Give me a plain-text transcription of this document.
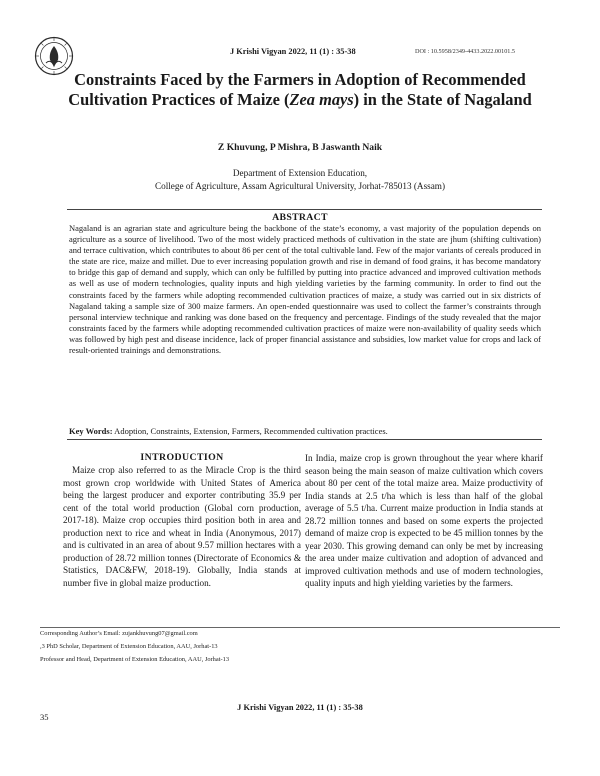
J Krishi Vigyan 2022, 11 (1) : 35-38	DOI : 10.5958/2349-4433.2022.00101.5
Constraints Faced by the Farmers in Adoption of Recommended Cultivation Practices of Maize (Zea mays) in the State of Nagaland
Z Khuvung, P Mishra, B Jaswanth Naik
Department of Extension Education,
College of Agriculture, Assam Agricultural University, Jorhat-785013 (Assam)
ABSTRACT
Nagaland is an agrarian state and agriculture being the backbone of the state’s economy, a vast majority of the population depends on agriculture as a source of livelihood. Two of the most widely practiced methods of cultivation in the state are jhum (shifting cultivation) and terrace cultivation, which contributes to about 86 per cent of the total cultivable land. Few of the major variants of cereals produced in the state are rice, maize and millet. Due to ever increasing population growth and rise in demand of food grains, it has become mandatory to bridge this gap of demand and supply, which can only be fulfilled by putting into practice advanced and improved cultivation methods as well as use of modern technologies, quality inputs and high yielding varieties by the farming community. In order to find out the constraints faced by the farmers while adopting recommended cultivation practices of maize, a study was carried out in six districts of Nagaland taking a sample size of 300 maize farmers. An open-ended questionnaire was used to collect the farmer’s constraints through personal interview technique and ranking was done based on the frequency and percentage. Findings of the study revealed that the major constraints faced by the farmers while adopting recommended cultivation practices of maize were non-availability of quality seeds which was followed by high pest and disease incidence, lack of proper financial assistance and subsidies, low market value for crops and lack of result-oriented trainings and demonstrations.
Key Words: Adoption, Constraints, Extension, Farmers, Recommended cultivation practices.
INTRODUCTION
Maize crop also referred to as the Miracle Crop is the third most grown crop worldwide with United States of America being the largest producer and exporter contributing 35.9 per cent of the total world production (Global corn production, 2017-18). Maize crop occupies third position both in area and production next to rice and wheat in India (Anonymous, 2017) and is cultivated in an area of about 9.57 million hectares with a production of 28.72 million tonnes (Directorate of Economics & Statistics, DAC&FW, 2018-19). Globally, India stands at number five in global maize production.
In India, maize crop is grown throughout the year where kharif season being the main season of maize cultivation which covers about 80 per cent of the total maize area. Maize productivity of India stands at 2.5 t/ha which is less than half of the global average of 5.5 t/ha. Current maize production in India stands at 28.72 million tonnes and based on some experts the projected demand of maize crop is expected to be 45 million tonnes by the year 2030. This growing demand can only be met by increasing the area under maize cultivation and adoption of advanced and improved cultivation methods and use of modern technologies, quality inputs and high yielding varieties by the farmers.
Corresponding Author’s Email: zujankhuvung07@gmail.com
,3 PhD Scholar, Department of Extension Education, AAU, Jorhat-13
Professor and Head, Department of Extension Education, AAU, Jorhat-13
J Krishi Vigyan 2022, 11 (1) : 35-38
35
